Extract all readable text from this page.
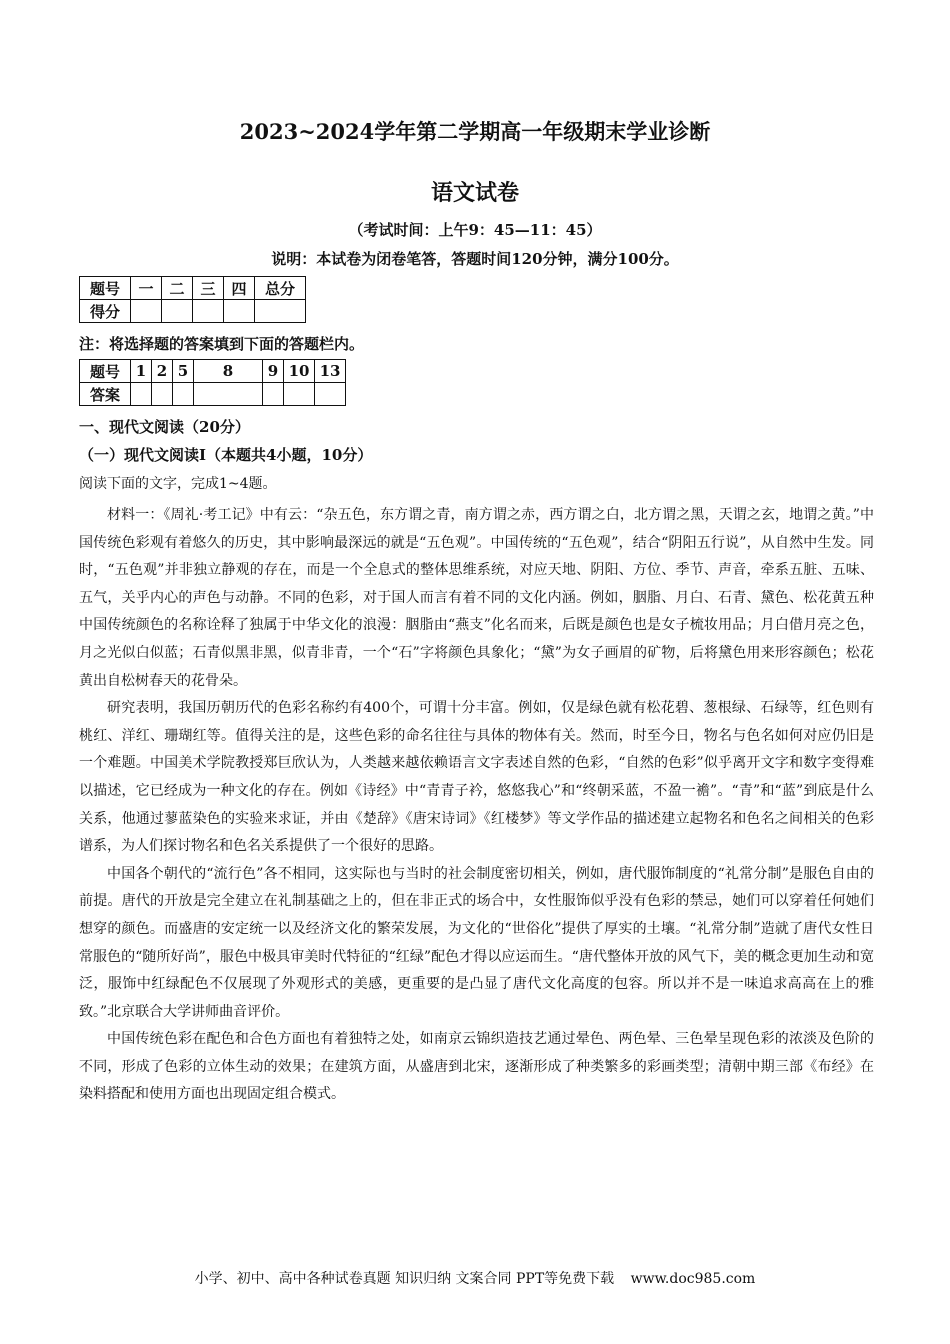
2023~2024学年第二学期高一年级期末学业诊断
语文试卷
（考试时间：上午9：45—11：45）
说明：本试卷为闭卷笔答，答题时间120分钟，满分100分。
题号	一	二	三	四	总分
得分					
注：将选择题的答案填到下面的答题栏内。
题号	1	2	5	8	9	10	13
答案							
一、现代文阅读（20分）
（一）现代文阅读Ⅰ（本题共4小题，10分）
阅读下面的文字，完成1~4题。

材料一：《周礼·考工记》中有云：“杂五色，东方谓之青，南方谓之赤，西方谓之白，北方谓之黑，天谓之玄，地谓之黄。”中国传统色彩观有着悠久的历史，其中影响最深远的就是“五色观”。中国传统的“五色观”，结合“阴阳五行说”，从自然中生发。同时，“五色观”并非独立静观的存在，而是一个全息式的整体思维系统，对应天地、阴阳、方位、季节、声音，牵系五脏、五味、五气，关乎内心的声色与动静。不同的色彩，对于国人而言有着不同的文化内涵。例如，胭脂、月白、石青、黛色、松花黄五种中国传统颜色的名称诠释了独属于中华文化的浪漫：胭脂由“燕支”化名而来，后既是颜色也是女子梳妆用品；月白借月亮之色，月之光似白似蓝；石青似黑非黑，似青非青，一个“石”字将颜色具象化；“黛”为女子画眉的矿物，后将黛色用来形容颜色；松花黄出自松树春天的花骨朵。

研究表明，我国历朝历代的色彩名称约有400个，可谓十分丰富。例如，仅是绿色就有松花碧、葱根绿、石绿等，红色则有桃红、洋红、珊瑚红等。值得关注的是，这些色彩的命名往往与具体的物体有关。然而，时至今日，物名与色名如何对应仍旧是一个难题。中国美术学院教授郑巨欣认为，人类越来越依赖语言文字表述自然的色彩，“自然的色彩”似乎离开文字和数字变得难以描述，它已经成为一种文化的存在。例如《诗经》中“青青子衿，悠悠我心”和“终朝采蓝，不盈一襜”。“青”和“蓝”到底是什么关系，他通过蓼蓝染色的实验来求证，并由《楚辞》《唐宋诗词》《红楼梦》等文学作品的描述建立起物名和色名之间相关的色彩谱系，为人们探讨物名和色名关系提供了一个很好的思路。

中国各个朝代的“流行色”各不相同，这实际也与当时的社会制度密切相关，例如，唐代服饰制度的“礼常分制”是服色自由的前提。唐代的开放是完全建立在礼制基础之上的，但在非正式的场合中，女性服饰似乎没有色彩的禁忌，她们可以穿着任何她们想穿的颜色。而盛唐的安定统一以及经济文化的繁荣发展，为文化的“世俗化”提供了厚实的土壤。“礼常分制”造就了唐代女性日常服色的“随所好尚”，服色中极具审美时代特征的“红绿”配色才得以应运而生。“唐代整体开放的风气下，美的概念更加生动和宽泛，服饰中红绿配色不仅展现了外观形式的美感，更重要的是凸显了唐代文化高度的包容。所以并不是一味追求高高在上的雅致。”北京联合大学讲师曲音评价。

中国传统色彩在配色和合色方面也有着独特之处，如南京云锦织造技艺通过晕色、两色晕、三色晕呈现色彩的浓淡及色阶的不同，形成了色彩的立体生动的效果；在建筑方面，从盛唐到北宋，逐渐形成了种类繁多的彩画类型；清朝中期三部《布经》在染料搭配和使用方面也出现固定组合模式。

小学、初中、高中各种试卷真题 知识归纳 文案合同 PPT等免费下载 www.doc985.com
